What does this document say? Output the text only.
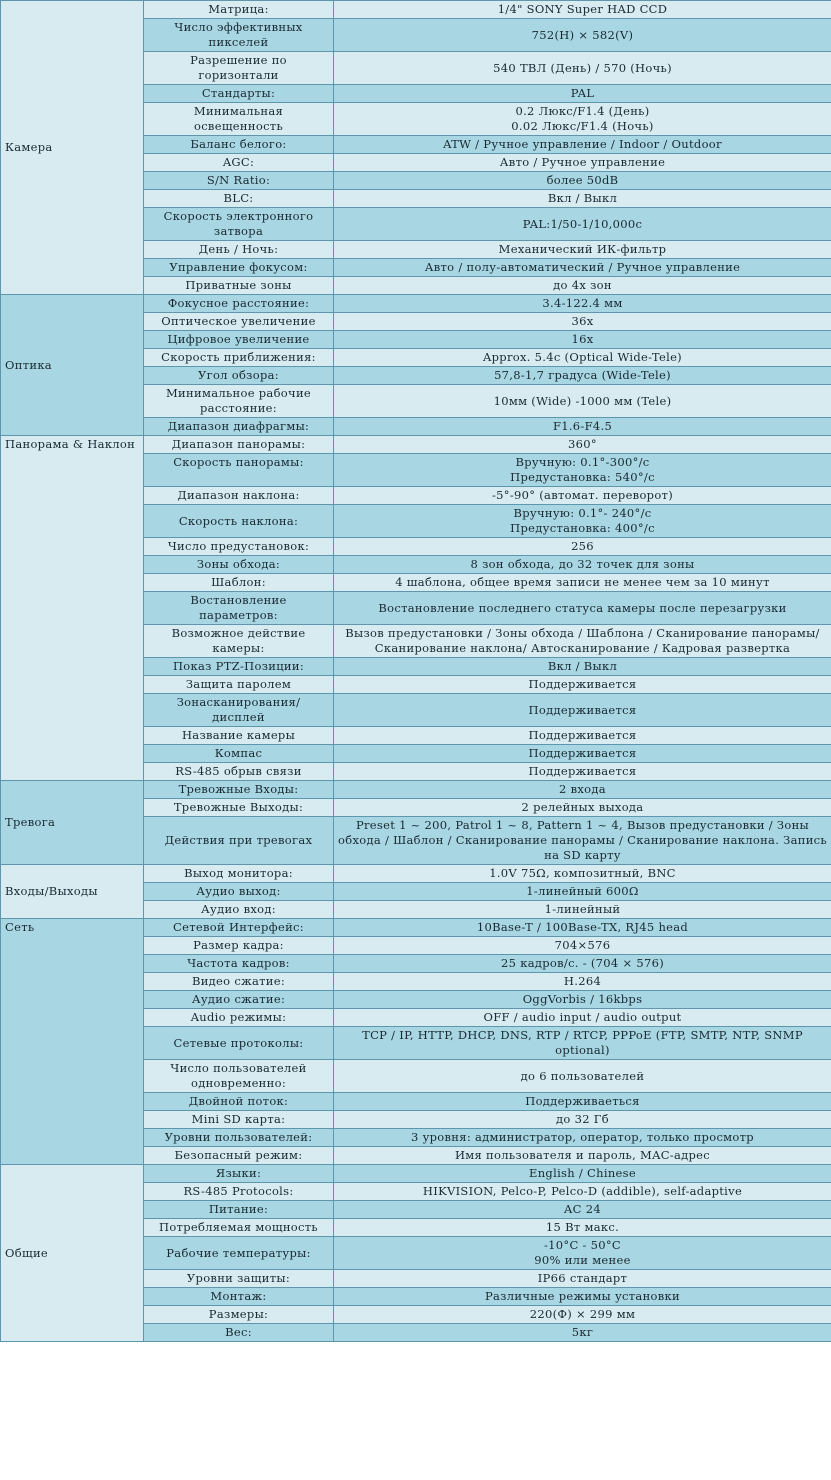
Камера	Матрица:	1/4" SONY Super HAD CCD
	Число эффективных
пикселей	752(H) × 582(V)
	Разрешение по
горизонтали	540 ТВЛ (День) / 570 (Ночь)
	Стандарты:	PAL
	Минимальная
освещенность	0.2 Люкс/F1.4 (День)
0.02 Люкс/F1.4 (Ночь)
	Баланс белого:	ATW / Ручное управление / Indoor / Outdoor
	AGC:	Авто / Ручное управление
	S/N Ratio:	более 50dB
	BLC:	Вкл / Выкл
	Скорость электронного
затвора	PAL:1/50-1/10,000с
	День / Ночь:	Механический ИК-фильтр
	Управление фокусом:	Авто / полу-автоматический / Ручное управление
	Приватные зоны	до 4х зон
Оптика	Фокусное расстояние:	3.4-122.4 мм
	Оптическое увеличение	36x
	Цифровое увеличение	16x
	Скорость приближения:	Approx. 5.4с (Optical Wide-Tele)
	Угол обзора:	57,8-1,7 градуса (Wide-Tele)
	Минимальное рабочие
расстояние:	10мм (Wide) -1000 мм (Tele)
	Диапазон диафрагмы:	F1.6-F4.5
Панорама & Наклон	Диапазон панорамы:	360°
	Скорость панорамы:	Вручную: 0.1°-300°/с
Предустановка: 540°/с
	Диапазон наклона:	-5°-90° (автомат. переворот)
	Скорость наклона:	Вручную: 0.1°- 240°/с
Предустановка: 400°/с
	Число предустановок:	256
	Зоны обхода:	8 зон обхода, до 32 точек для зоны
	Шаблон:	4 шаблона, общее время записи не менее чем за 10 минут
	Востановление
параметров:	Востановление последнего статуса камеры после перезагрузки
	Возможное действие
камеры:	Вызов предустановки / Зоны обхода / Шаблона / Сканирование панорамы/ Сканирование наклона/ Автосканирование / Кадровая развертка
	Показ PTZ-Позиции:	Вкл / Выкл
	Защита паролем	Поддерживается
	Зонасканирования/
дисплей	Поддерживается
	Название камеры	Поддерживается
	Компас	Поддерживается
	RS-485 обрыв связи	Поддерживается
Тревога	Тревожные Входы:	2 входа
	Тревожные Выходы:	2 релейных выхода
	Действия при тревогах	Preset 1 ~ 200, Patrol 1 ~ 8, Pattern 1 ~ 4, Вызов предустановки / Зоны обхода / Шаблон / Сканирование панорамы / Сканирование наклона. Запись на SD карту
Входы/Выходы	Выход монитора:	1.0V 75Ω, композитный, BNC
	Аудио выход:	1-линейный 600Ω
	Аудио вход:	1-линейный
Сеть	Сетевой Интерфейс:	10Base-T / 100Base-TX, RJ45 head
	Размер кадра:	704×576
	Частота кадров:	25 кадров/с. - (704 × 576)
	Видео сжатие:	H.264
	Аудио сжатие:	OggVorbis / 16kbps
	Audio режимы:	OFF / audio input / audio output
	Сетевые протоколы:	TCP / IP, HTTP, DHCP, DNS, RTP / RTCP, PPPoE (FTP, SMTP, NTP, SNMP optional)
	Число пользователей
одновременно:	до 6 пользователей
	Двойной поток:	Поддерживаеться
	Mini SD карта:	до 32 Гб
	Уровни пользователей:	3 уровня: администратор, оператор, только просмотр
	Безопасный режим:	Имя пользователя и пароль, MAC-адрес
Общие	Языки:	English / Chinese
	RS-485 Protocols:	HIKVISION, Pelco-P, Pelco-D (addible), self-adaptive
	Питание:	AC 24
	Потребляемая мощность	15 Вт макс.
	Рабочие температуры:	-10°C - 50°C
90% или менее
	Уровни защиты:	IP66 стандарт
	Монтаж:	Различные режимы установки
	Размеры:	220(Ф) × 299 мм
	Вес:	5кг
